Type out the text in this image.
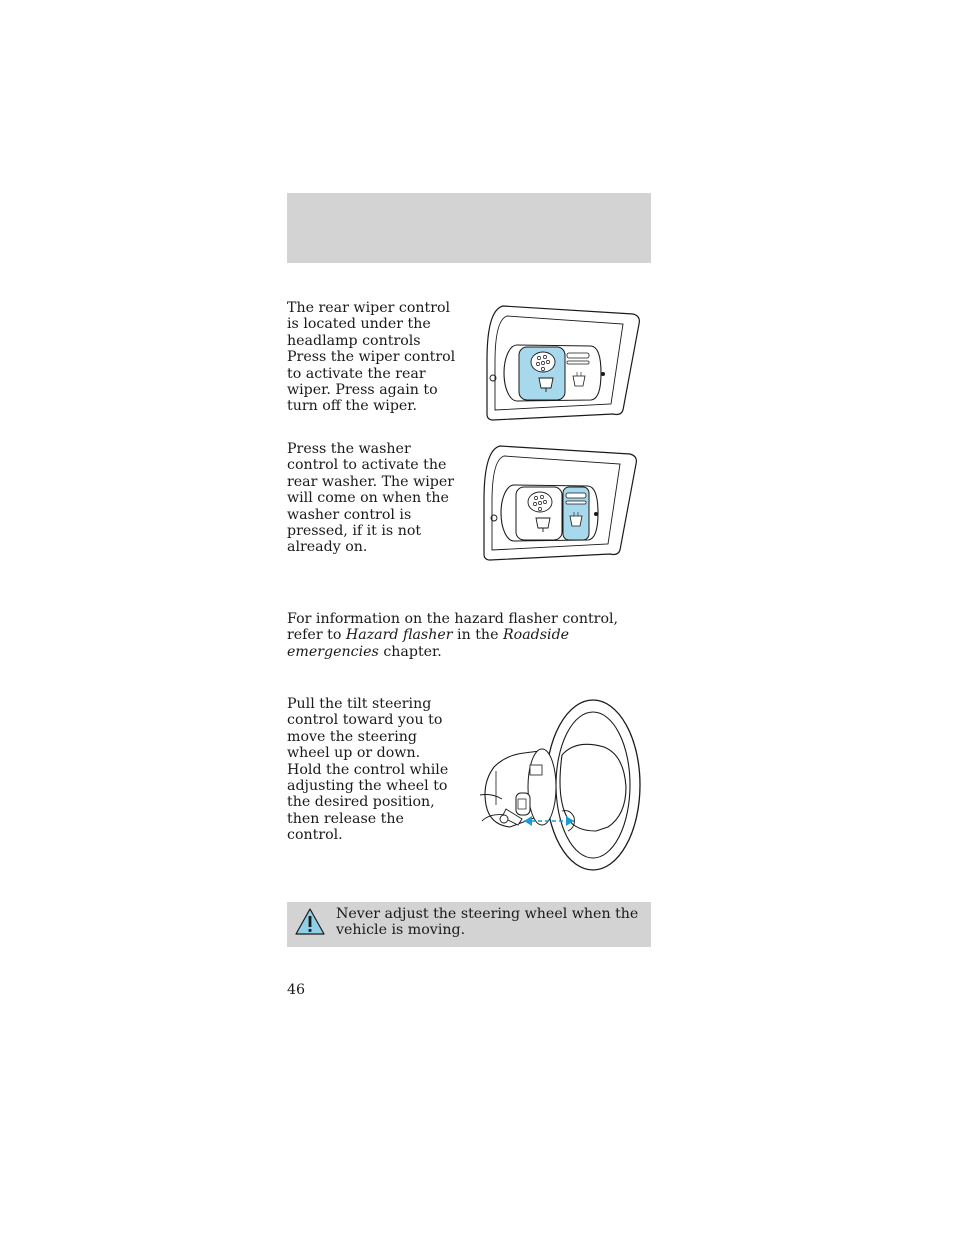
The rear wiper control
is located under the
headlamp controls
Press the wiper control
to activate the rear
wiper. Press again to
turn off the wiper.

Press the washer
control to activate the
rear washer. The wiper
will come on when the
washer control is
pressed, if it is not
already on.

For information on the hazard flasher control, refer to Hazard flasher in the Roadside emergencies chapter.

Pull the tilt steering
control toward you to
move the steering
wheel up or down.
Hold the control while
adjusting the wheel to
the desired position,
then release the
control.

Never adjust the steering wheel when the
vehicle is moving.
46
